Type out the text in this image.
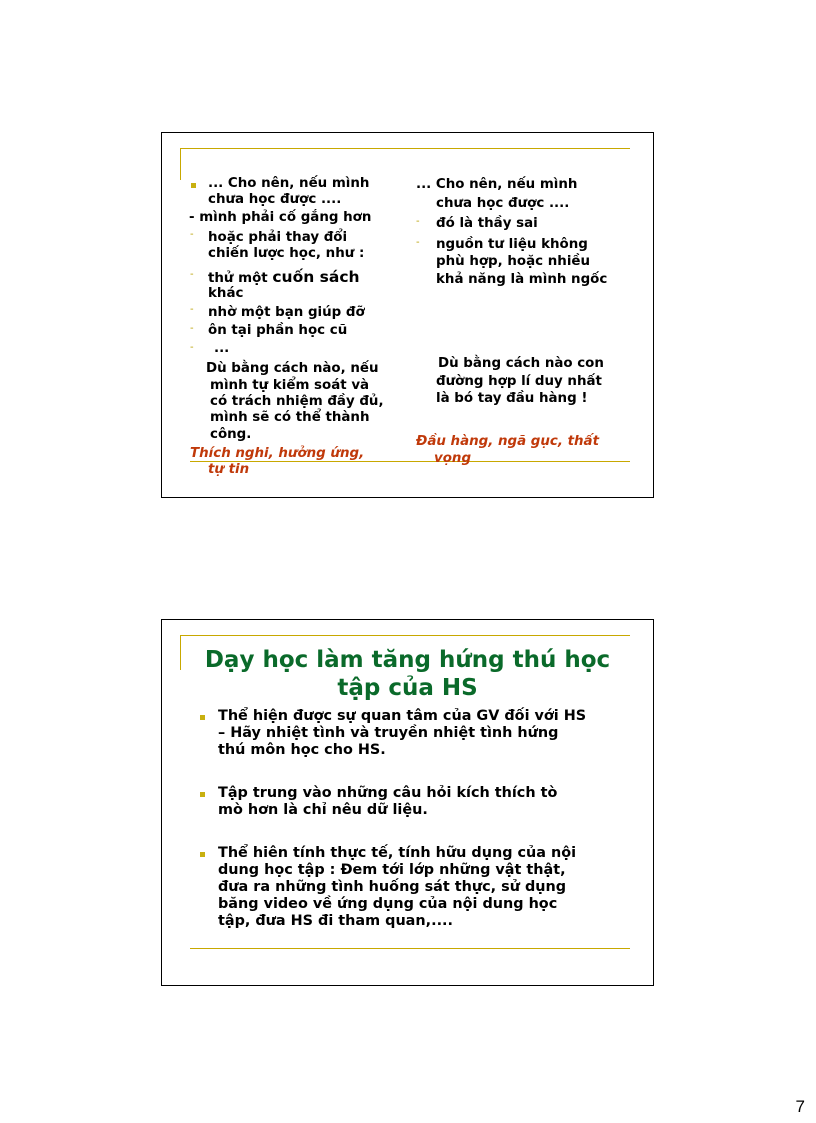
... Cho nên, nếu mình
chưa học được ....
- mình phải cố gắng hơn
- hoặc phải thay đổi
chiến lược học, như :
- thử một cuốn sách
khác
- nhờ một bạn giúp đỡ
- ôn tại phần học cũ
- ...
Dù bằng cách nào, nếu
mình tự kiểm soát và
có trách nhiệm đầy đủ,
mình sẽ có thể thành
công.
Thích nghi, hưởng ứng,
tự tin
... Cho nên, nếu mình
chưa học được ....
- đó là thầy sai
- nguồn tư liệu không
phù hợp, hoặc nhiều
khả năng là mình ngốc
Dù bằng cách nào con
đường hợp lí duy nhất
là bó tay đầu hàng !
Đầu hàng, ngã gục, thất
vọng
Dạy học làm tăng hứng thú học
tập của HS
Thể hiện được sự quan tâm của GV đối với HS
– Hãy nhiệt tình và truyền nhiệt tình hứng
thú môn học cho HS.
Tập trung vào những câu hỏi kích thích tò
mò hơn là chỉ nêu dữ liệu.
Thể hiên tính thực tế, tính hữu dụng của nội
dung học tập : Đem tới lớp những vật thật,
đưa ra những tình huống sát thực, sử dụng
băng video về ứng dụng của nội dung học
tập, đưa HS đi tham quan,....
7
